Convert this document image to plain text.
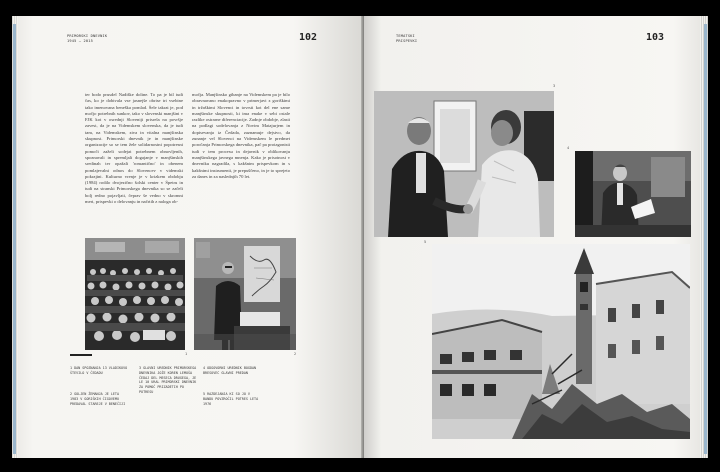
PRIMORSKI DNEVNIK
1945 – 2015	102
ter bodo prusdel Nadiške doline. To pa je bil tudi čas, ko je dobivala vse jasnejše obrise tri vsebine tako imenovana beneška pomlad. Šele takrat je, pod močjo potrebnih sunkov, tako v slovenski manjšini v FJK kot v osrednji Sloveniji prisrela na površje zavest, da je na Videmskem slovenska, da je tudi tam, na Videmskem, ziva in vitalna manjšinska skupnost. Primorski dnevnik je in manjšinske organizacije so se tem žele solidarnostni popotresni pomoči zaželi sodejat potrebnem obnovljenih, spoznavali in spremljali dogajanje v manjšinskih sredinah ter opažali 'romantično' in obenem pomlajevalni odnos do Slovencev v videmski pokrajini. Kulturno vrenje je v krizkem obdobju (1984) rodilo dvojezično šolski center v Špetru in tudi na stranski Primorskega dnevnika so se začeli bolj redno pojavljati, čeprav še vedno v skromni meri, prispevki o delovanju in načrtih z naloga ob-
močja. Manjšinsko gibanje na Videmskem pa je bilo obravnavano enakopravno v primerjavi z goriškimi in tržaškimi Slovenci in tovrsti kot del ene same manjšinske skupnosti, ki ima enake v sebi ostale razlike ostrarne diferenciacije. Zadnje obdobje, zlasti na podlagi sodelovanja z Novim Matajurjem in dopisevanja iz Čedada, zaznamuje dejstvo, da zunanje vel Slovenci na Videmskem le predmet poročanja Primorskega dnevnika, pač pa protagonisti tudi v tem procesu in dejavnik v oblikovanju manjšinskega javnega mnenja. Kako je prisotnost v dnevniku nagradila, s kakšnim prispevkom in s kakšnimi instrumenti, je prepuščeno, in je to sprejeto za danes in za naslednjih 70 let.
1	2
1 DAN SPOZNANJA 13 VLADIKOVO ŠTEVILO V ČEDADU
2 GOLJEN ŽEMANJA JE LETA 1983 V GORIŠKIH ČIGOVEMU PREDAVAL STAREJE V BENEČIJI
3 GLAVNI UREDNIK PRIMORSKEGA DNEVNIKA JOŽE KOREN LEMOŠA ČEDAJ DEL MESECA DRUGEGA, JE LE 10 URAL PRIMORSKI DNEVNIK ZA POMOČ PRIZADETIH PO POTRESU
4 ODGOVORNI UREDNIK BOGDAN BRESOVEC GLAVNI PREDAN
5 RAZDEJANJA KI SO JO V BANDU POVZROČIL POTRES LETA 1976
TEMATSKI
PRISPEVKI	103
3
4
5
